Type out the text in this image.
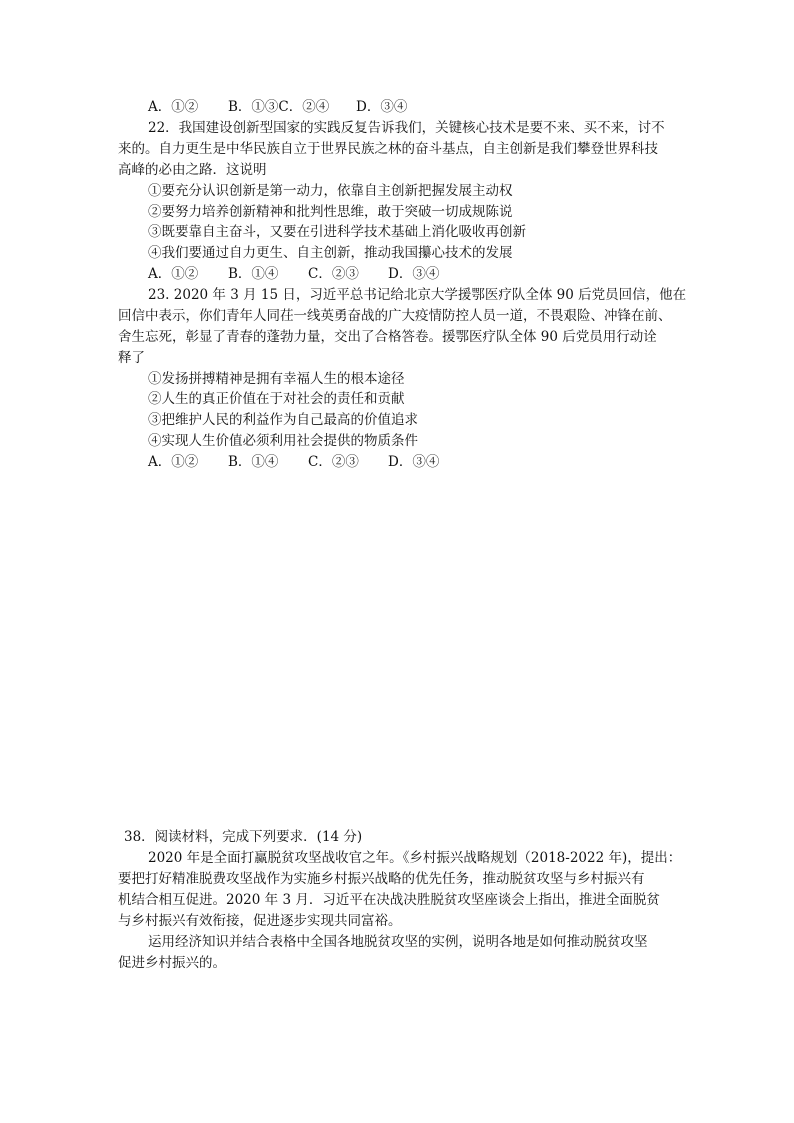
A．①② B．①③C．②④ D．③④
22．我国建设创新型国家的实践反复告诉我们，关键核心技术是要不来、买不来，讨不
来的。自力更生是中华民族自立于世界民族之林的奋斗基点，自主创新是我们攀登世界科技
高峰的必由之路．这说明
①要充分认识创新是第一动力，依靠自主创新把握发展主动权
②要努力培养创新精神和批判性思维，敢于突破一切成规陈说
③既要靠自主奋斗，又要在引进科学技术基础上消化吸收再创新
④我们要通过自力更生、自主创新，推动我国攥心技术的发展
A．①② B．①④ C．②③ D．③④
23. 2020 年 3 月 15 日，习近平总书记给北京大学援鄂医疗队全体 90 后党员回信，他在
回信中表示，你们青年人同茌一线英勇奋战的广大疫情防控人员一道，不畏艰险、冲锋在前、
舍生忘死，彰显了青春的蓬勃力量，交出了合格答卷。援鄂医疗队全体 90 后党员用行动诠
释了
①发扬拼搏精神是拥有幸福人生的根本途径
②人生的真正价值在于对社会的责任和贡献
③把维护人民的利益作为自己最高的价值追求
④实现人生价值必须利用社会提供的物质条件
A．①② B．①④ C．②③ D．③④
38．阅读材料，完成下列要求．(14 分)
2020 年是全面打赢脱贫攻坚战收官之年。《乡村振兴战略规划（2018-2022 年)，提出：
要把打好精准脱费攻坚战作为实施乡村振兴战略的优先任务，推动脱贫攻坚与乡村振兴有
机结合相互促进。2020 年 3 月．习近平在决战决胜脱贫攻坚座谈会上指出，推进全面脱贫
与乡村振兴有效衔接，促进逐步实现共同富裕。
运用经济知识并结合表格中全国各地脱贫攻坚的实例，说明各地是如何推动脱贫攻坚
促进乡村振兴的。
